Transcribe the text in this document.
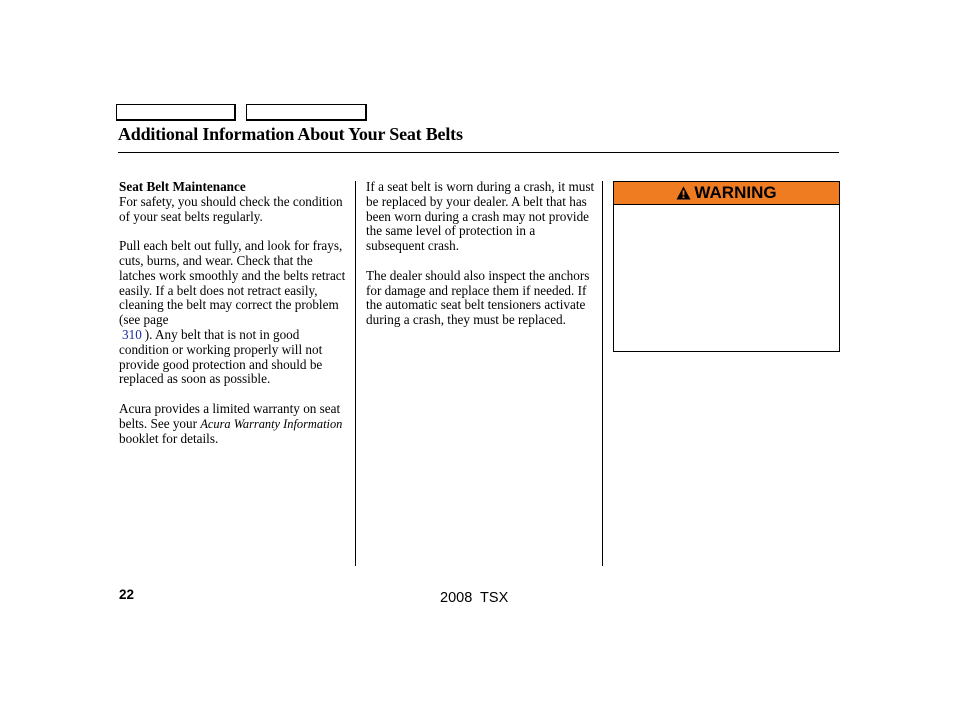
Additional Information About Your Seat Belts

Seat Belt Maintenance
For safety, you should check the condition of your seat belts regularly.

Pull each belt out fully, and look for frays, cuts, burns, and wear. Check that the latches work smoothly and the belts retract easily. If a belt does not retract easily, cleaning the belt may correct the problem (see page
310 ). Any belt that is not in good condition or working properly will not provide good protection and should be replaced as soon as possible.

Acura provides a limited warranty on seat belts. See your Acura Warranty Information booklet for details.

If a seat belt is worn during a crash, it must be replaced by your dealer. A belt that has been worn during a crash may not provide the same level of protection in a subsequent crash.

The dealer should also inspect the anchors for damage and replace them if needed. If the automatic seat belt tensioners activate during a crash, they must be replaced.

WARNING
22	2008  TSX
